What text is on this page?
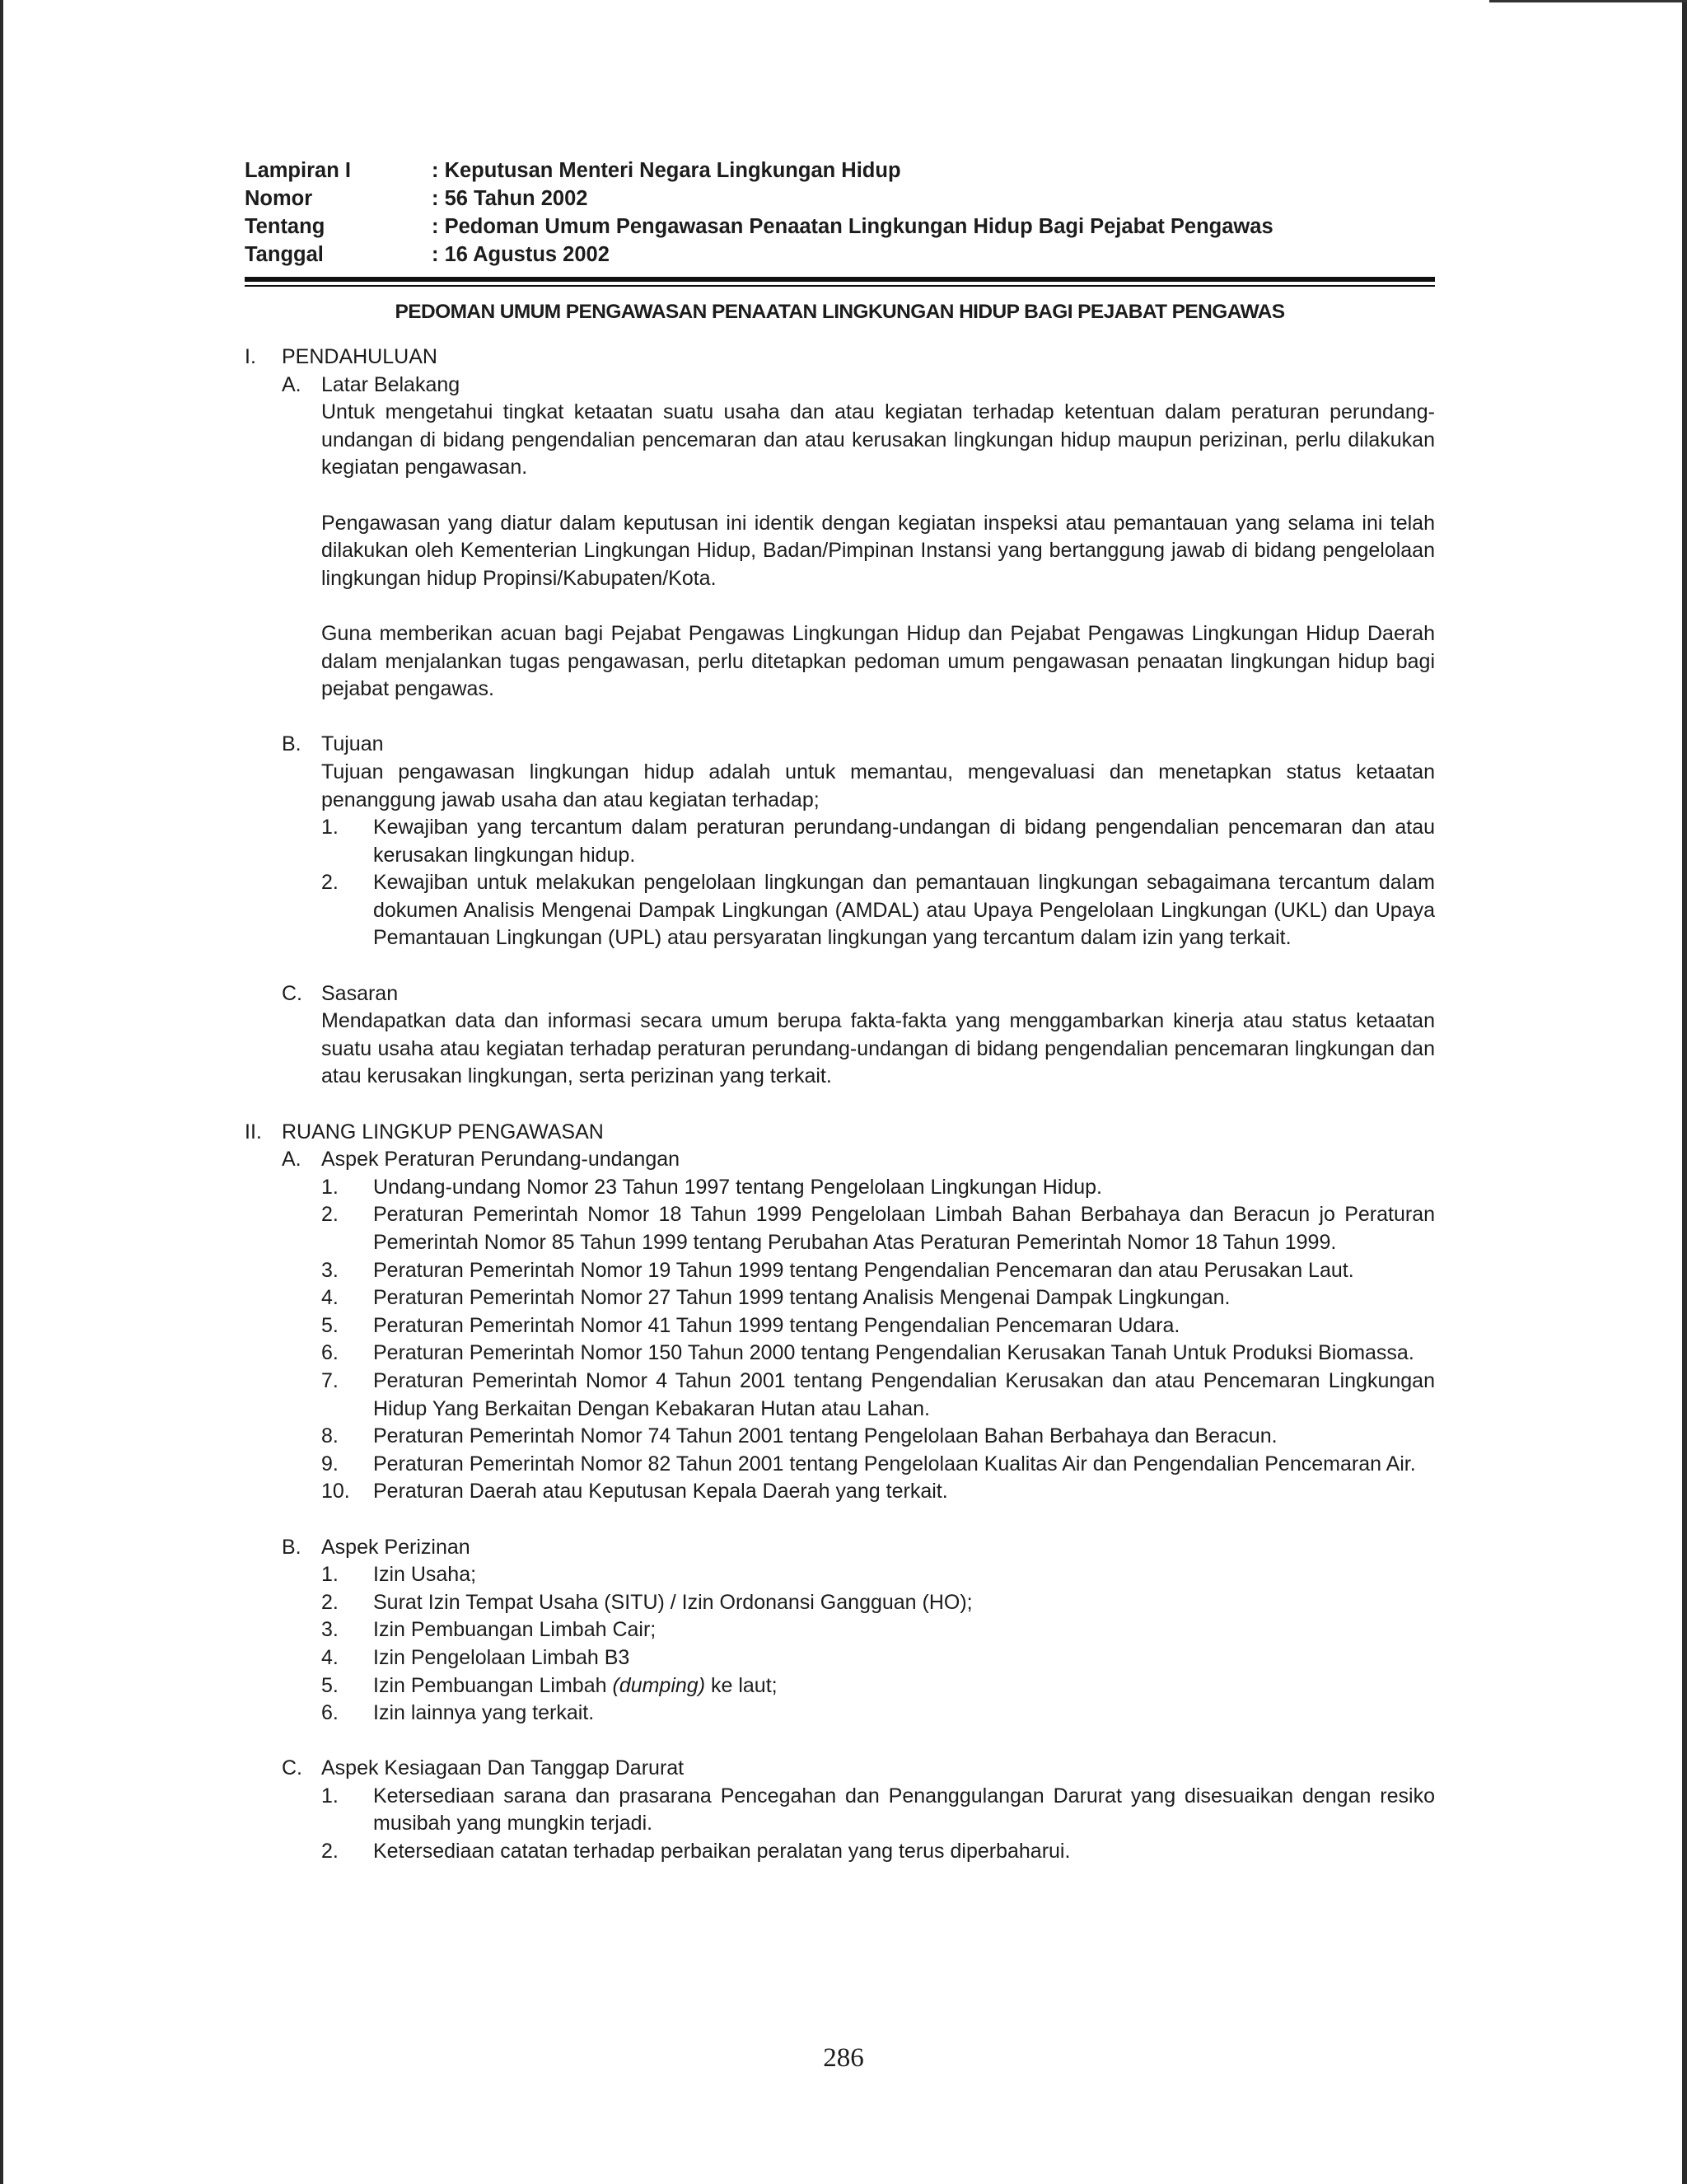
Lampiran I	: Keputusan Menteri Negara Lingkungan Hidup
Nomor	: 56 Tahun 2002
Tentang	: Pedoman Umum Pengawasan Penaatan Lingkungan Hidup Bagi Pejabat Pengawas
Tanggal	: 16 Agustus 2002
PEDOMAN UMUM PENGAWASAN PENAATAN LINGKUNGAN HIDUP BAGI PEJABAT PENGAWAS
I.	PENDAHULUAN
A. Latar Belakang
Untuk mengetahui tingkat ketaatan suatu usaha dan atau kegiatan terhadap ketentuan dalam peraturan perundang-undangan di bidang pengendalian pencemaran dan atau kerusakan lingkungan hidup maupun perizinan, perlu dilakukan kegiatan pengawasan.
Pengawasan yang diatur dalam keputusan ini identik dengan kegiatan inspeksi atau pemantauan yang selama ini telah dilakukan oleh Kementerian Lingkungan Hidup, Badan/Pimpinan Instansi yang bertanggung jawab di bidang pengelolaan lingkungan hidup Propinsi/Kabupaten/Kota.
Guna memberikan acuan bagi Pejabat Pengawas Lingkungan Hidup dan Pejabat Pengawas Lingkungan Hidup Daerah dalam menjalankan tugas pengawasan, perlu ditetapkan pedoman umum pengawasan penaatan lingkungan hidup bagi pejabat pengawas.
B. Tujuan
Tujuan pengawasan lingkungan hidup adalah untuk memantau, mengevaluasi dan menetapkan status ketaatan penanggung jawab usaha dan atau kegiatan terhadap;
1.	Kewajiban yang tercantum dalam peraturan perundang-undangan di bidang pengendalian pencemaran dan atau kerusakan lingkungan hidup.
2.	Kewajiban untuk melakukan pengelolaan lingkungan dan pemantauan lingkungan sebagaimana tercantum dalam dokumen Analisis Mengenai Dampak Lingkungan (AMDAL) atau Upaya Pengelolaan Lingkungan (UKL) dan Upaya Pemantauan Lingkungan (UPL) atau persyaratan lingkungan yang tercantum dalam izin yang terkait.
C. Sasaran
Mendapatkan data dan informasi secara umum berupa fakta-fakta yang menggambarkan kinerja atau status ketaatan suatu usaha atau kegiatan terhadap peraturan perundang-undangan di bidang pengendalian pencemaran lingkungan dan atau kerusakan lingkungan, serta perizinan yang terkait.
II. RUANG LINGKUP PENGAWASAN
A. Aspek Peraturan Perundang-undangan
1.	Undang-undang Nomor 23 Tahun 1997 tentang Pengelolaan Lingkungan Hidup.
2.	Peraturan Pemerintah Nomor 18 Tahun 1999 Pengelolaan Limbah Bahan Berbahaya dan Beracun jo Peraturan Pemerintah Nomor 85 Tahun 1999 tentang Perubahan Atas Peraturan Pemerintah Nomor 18 Tahun 1999.
3.	Peraturan Pemerintah Nomor 19 Tahun 1999 tentang Pengendalian Pencemaran dan atau Perusakan Laut.
4.	Peraturan Pemerintah Nomor 27 Tahun 1999 tentang Analisis Mengenai Dampak Lingkungan.
5.	Peraturan Pemerintah Nomor 41 Tahun 1999 tentang Pengendalian Pencemaran Udara.
6.	Peraturan Pemerintah Nomor 150 Tahun 2000 tentang Pengendalian Kerusakan Tanah Untuk Produksi Biomassa.
7.	Peraturan Pemerintah Nomor 4 Tahun 2001 tentang Pengendalian Kerusakan dan atau Pencemaran Lingkungan Hidup Yang Berkaitan Dengan Kebakaran Hutan atau Lahan.
8.	Peraturan Pemerintah Nomor 74 Tahun 2001 tentang Pengelolaan Bahan Berbahaya dan Beracun.
9.	Peraturan Pemerintah Nomor 82 Tahun 2001 tentang Pengelolaan Kualitas Air dan Pengendalian Pencemaran Air.
10.	Peraturan Daerah atau Keputusan Kepala Daerah yang terkait.
B. Aspek Perizinan
1.	Izin Usaha;
2.	Surat Izin Tempat Usaha (SITU) / Izin Ordonansi Gangguan (HO);
3.	Izin Pembuangan Limbah Cair;
4.	Izin Pengelolaan Limbah B3
5.	Izin Pembuangan Limbah (dumping) ke laut;
6.	Izin lainnya yang terkait.
C. Aspek Kesiagaan Dan Tanggap Darurat
1.	Ketersediaan sarana dan prasarana Pencegahan dan Penanggulangan Darurat yang disesuaikan dengan resiko musibah yang mungkin terjadi.
2.	Ketersediaan catatan terhadap perbaikan peralatan yang terus diperbaharui.
286
